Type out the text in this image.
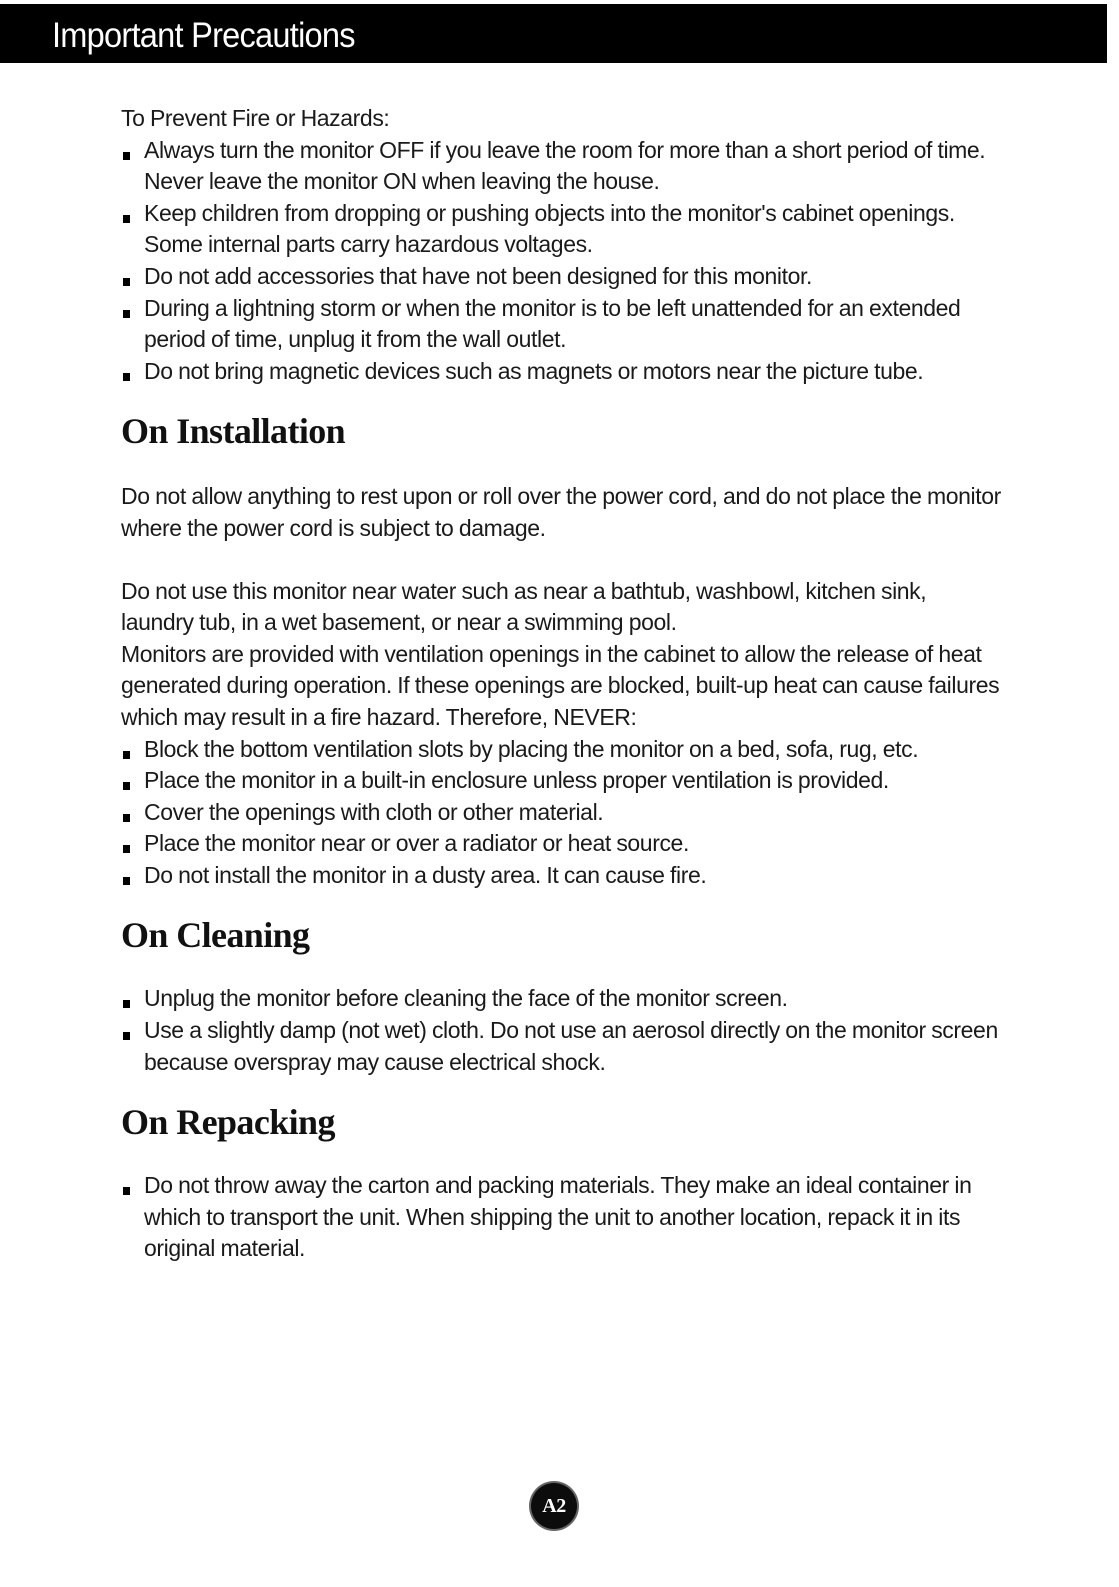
Important Precautions

To Prevent Fire or Hazards:

Always turn the monitor OFF if you leave the room for more than a short period of time. Never leave the monitor ON when leaving the house.
Keep children from dropping or pushing objects into the monitor's cabinet openings. Some internal parts carry hazardous voltages.
Do not add accessories that have not been designed for this monitor.
During a lightning storm or when the monitor is to be left unattended for an extended period of time, unplug it from the wall outlet.
Do not bring magnetic devices such as magnets or motors near the picture tube.
On Installation

Do not allow anything to rest upon or roll over the power cord, and do not place the monitor where the power cord is subject to damage.

Do not use this monitor near water such as near a bathtub, washbowl, kitchen sink, laundry tub, in a wet basement, or near a swimming pool.

Monitors are provided with ventilation openings in the cabinet to allow the release of heat generated during operation. If these openings are blocked, built-up heat can cause failures which may result in a fire hazard. Therefore, NEVER:

Block the bottom ventilation slots by placing the monitor on a bed, sofa, rug, etc.
Place the monitor in a built-in enclosure unless proper ventilation is provided.
Cover the openings with cloth or other material.
Place the monitor near or over a radiator or heat source.
Do not install the monitor in a dusty area. It can cause fire.
On Cleaning
Unplug the monitor before cleaning the face of the monitor screen.
Use a slightly damp (not wet) cloth. Do not use an aerosol directly on the monitor screen because overspray may cause electrical shock.
On Repacking
Do not throw away the carton and packing materials. They make an ideal container in which to transport the unit. When shipping the unit to another location, repack it in its original material.
A2
